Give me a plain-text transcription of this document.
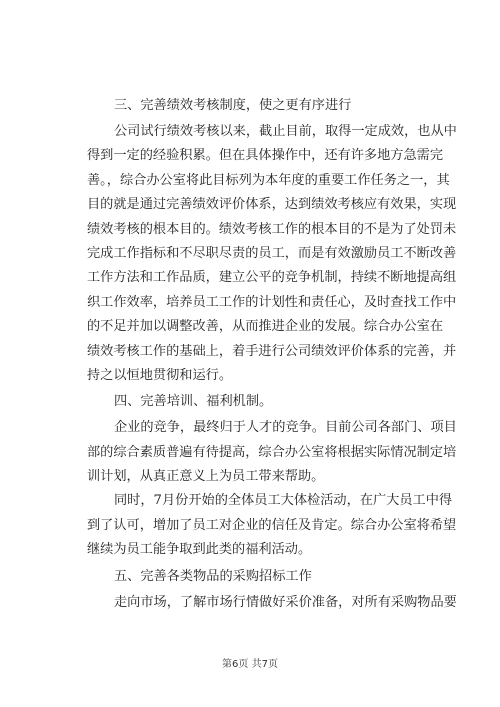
三、完善绩效考核制度，使之更有序进行
公司试行绩效考核以来，截止目前，取得一定成效，也从中
得到一定的经验积累。但在具体操作中，还有许多地方急需完
善。，综合办公室将此目标列为本年度的重要工作任务之一，其
目的就是通过完善绩效评价体系，达到绩效考核应有效果，实现
绩效考核的根本目的。绩效考核工作的根本目的不是为了处罚未
完成工作指标和不尽职尽责的员工，而是有效激励员工不断改善
工作方法和工作品质，建立公平的竞争机制，持续不断地提高组
织工作效率，培养员工工作的计划性和责任心，及时查找工作中
的不足并加以调整改善，从而推进企业的发展。综合办公室在
绩效考核工作的基础上，着手进行公司绩效评价体系的完善，并
持之以恒地贯彻和运行。
四、完善培训、福利机制。
企业的竞争，最终归于人才的竞争。目前公司各部门、项目
部的综合素质普遍有待提高，综合办公室将根据实际情况制定培
训计划，从真正意义上为员工带来帮助。
同时，7月份开始的全体员工大体检活动，在广大员工中得
到了认可，增加了员工对企业的信任及肯定。综合办公室将希望
继续为员工能争取到此类的福利活动。
五、完善各类物品的采购招标工作
走向市场，了解市场行情做好采价准备，对所有采购物品要
第6页 共7页
